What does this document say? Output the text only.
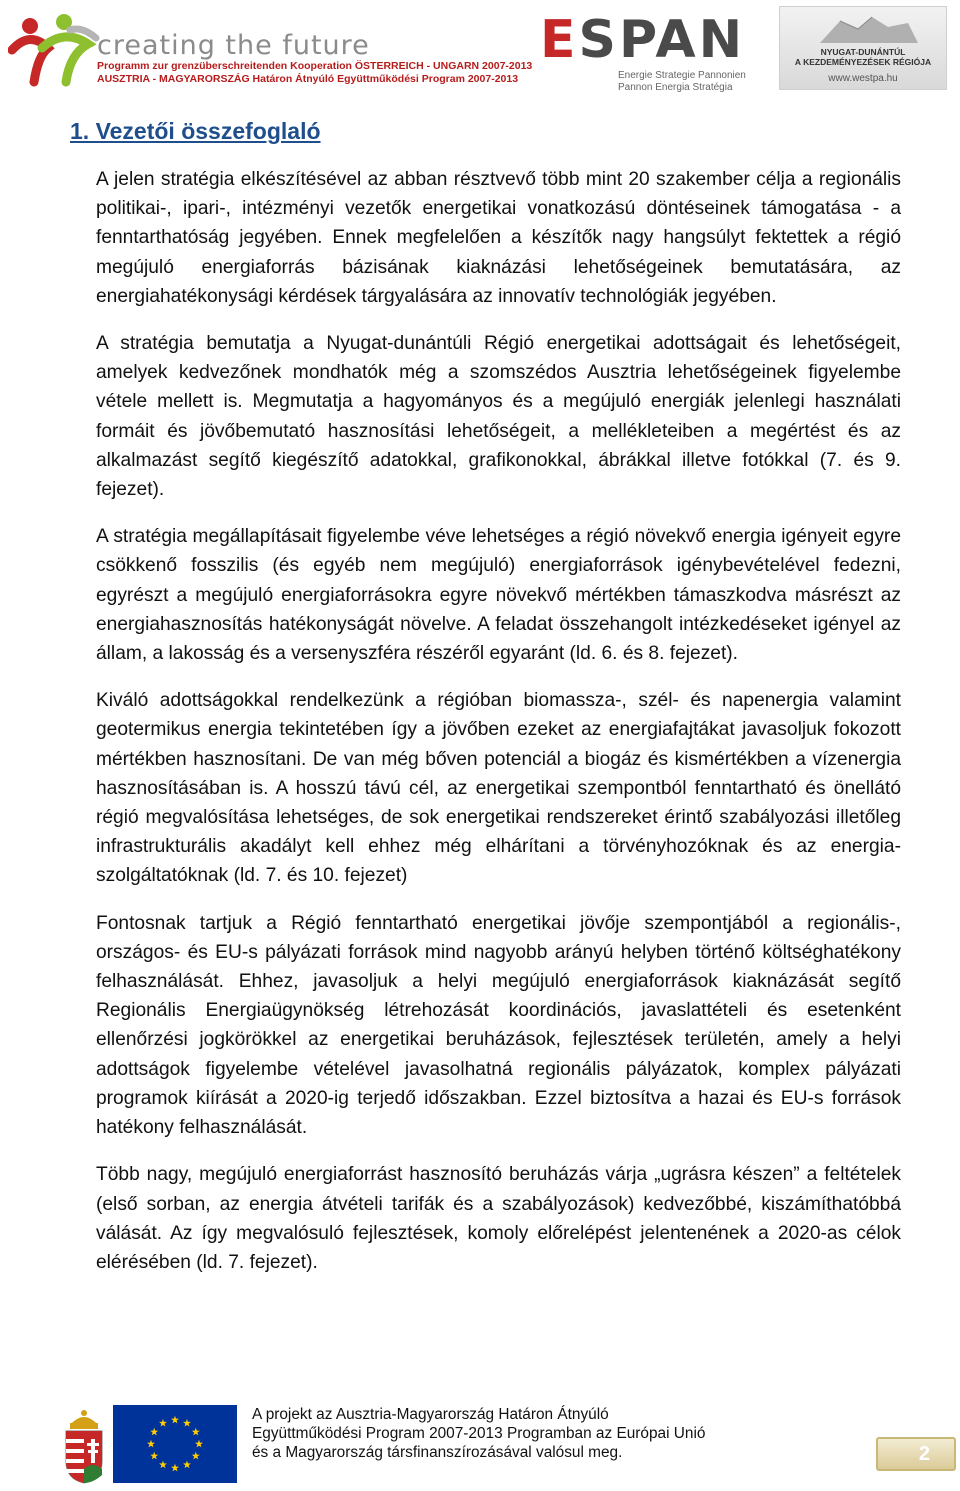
creating the future
Programm zur grenzüberschreitenden Kooperation ÖSTERREICH - UNGARN 2007-2013
AUSZTRIA - MAGYARORSZÁG Határon Átnyúló Együttműködési Program 2007-2013
ESPAN
Energie Strategie Pannonien
Pannon Energia Stratégia
NYUGAT-DUNÁNTÚL
A KEZDEMÉNYEZÉSEK RÉGIÓJA
www.westpa.hu
1. Vezetői összefoglaló

A jelen stratégia elkészítésével az abban résztvevő több mint 20 szakember célja a regionális politikai-, ipari-, intézményi vezetők energetikai vonatkozású döntéseinek támogatása - a fenntarthatóság jegyében. Ennek megfelelően a készítők nagy hangsúlyt fektettek a régió megújuló energiaforrás bázisának kiaknázási lehetőségeinek bemutatására, az energiahatékonysági kérdések tárgyalására az innovatív technológiák jegyében.

A stratégia bemutatja a Nyugat-dunántúli Régió energetikai adottságait és lehetőségeit, amelyek kedvezőnek mondhatók még a szomszédos Ausztria lehetőségeinek figyelembe vétele mellett is. Megmutatja a hagyományos és a megújuló energiák jelenlegi használati formáit és jövőbemutató hasznosítási lehetőségeit, a mellékleteiben a megértést és az alkalmazást segítő kiegészítő adatokkal, grafikonokkal, ábrákkal illetve fotókkal (7. és 9. fejezet).

A stratégia megállapításait figyelembe véve lehetséges a régió növekvő energia igényeit egyre csökkenő fosszilis (és egyéb nem megújuló) energiaforrások igénybevételével fedezni, egyrészt a megújuló energiaforrásokra egyre növekvő mértékben támaszkodva másrészt az energiahasznosítás hatékonyságát növelve. A feladat összehangolt intézkedéseket igényel az állam, a lakosság és a versenyszféra részéről egyaránt (ld. 6. és 8. fejezet).

Kiváló adottságokkal rendelkezünk a régióban biomassza-, szél- és napenergia valamint geotermikus energia tekintetében így a jövőben ezeket az energiafajtákat javasoljuk fokozott mértékben hasznosítani. De van még bőven potenciál a biogáz és kismértékben a vízenergia hasznosításában is. A hosszú távú cél, az energetikai szempontból fenntartható és önellátó régió megvalósítása lehetséges, de sok energetikai rendszereket érintő szabályozási illetőleg infrastrukturális akadályt kell ehhez még elhárítani a törvényhozóknak és az energia-szolgáltatóknak (ld. 7. és 10. fejezet)

Fontosnak tartjuk a Régió fenntartható energetikai jövője szempontjából a regionális-, országos- és EU-s pályázati források mind nagyobb arányú helyben történő költséghatékony felhasználását. Ehhez, javasoljuk a helyi megújuló energiaforrások kiaknázását segítő Regionális Energiaügynökség létrehozását koordinációs, javaslattételi és esetenként ellenőrzési jogkörökkel az energetikai beruházások, fejlesztések területén, amely a helyi adottságok figyelembe vételével javasolhatná regionális pályázatok, komplex pályázati programok kiírását a 2020-ig terjedő időszakban. Ezzel biztosítva a hazai és EU-s források hatékony felhasználását.

Több nagy, megújuló energiaforrást hasznosító beruházás várja „ugrásra készen” a feltételek (első sorban, az energia átvételi tarifák és a szabályozások) kedvezőbbé, kiszámíthatóbbá válását. Az így megvalósuló fejlesztések, komoly előrelépést jelentenének a 2020-as célok elérésében (ld. 7. fejezet).

A projekt az Ausztria-Magyarország Határon Átnyúló
Együttműködési Program 2007-2013 Programban az Európai Unió
és a Magyarország társfinanszírozásával valósul meg.	2
